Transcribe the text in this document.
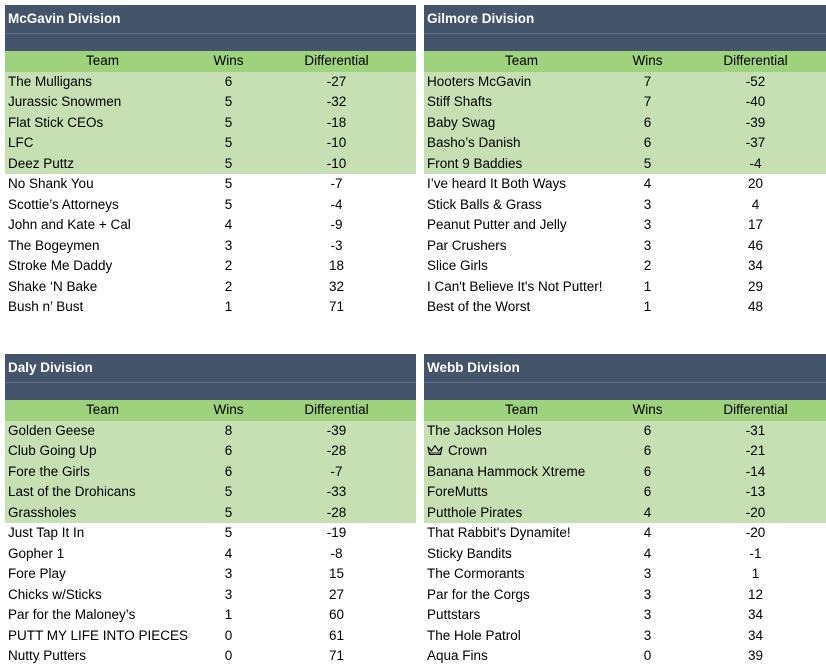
McGavin Division
Team	Wins	Differential
The Mulligans	6	-27
Jurassic Snowmen	5	-32
Flat Stick CEOs	5	-18
LFC	5	-10
Deez Puttz	5	-10
No Shank You	5	-7
Scottie’s Attorneys	5	-4
John and Kate + Cal	4	-9
The Bogeymen	3	-3
Stroke Me Daddy	2	18
Shake ‘N Bake	2	32
Bush n’ Bust	1	71
Gilmore Division
Team	Wins	Differential
Hooters McGavin	7	-52
Stiff Shafts	7	-40
Baby Swag	6	-39
Basho’s Danish	6	-37
Front 9 Baddies	5	-4
I’ve heard It Both Ways	4	20
Stick Balls & Grass	3	4
Peanut Putter and Jelly	3	17
Par Crushers	3	46
Slice Girls	2	34
I Can't Believe It's Not Putter!	1	29
Best of the Worst	1	48
Daly Division
Team	Wins	Differential
Golden Geese	8	-39
Club Going Up	6	-28
Fore the Girls	6	-7
Last of the Drohicans	5	-33
Grassholes	5	-28
Just Tap It In	5	-19
Gopher 1	4	-8
Fore Play	3	15
Chicks w/Sticks	3	27
Par for the Maloney’s	1	60
PUTT MY LIFE INTO PIECES	0	61
Nutty Putters	0	71
Webb Division
Team	Wins	Differential
The Jackson Holes	6	-31
Crown	6	-21
Banana Hammock Xtreme	6	-14
ForeMutts	6	-13
Putthole Pirates	4	-20
That Rabbit's Dynamite!	4	-20
Sticky Bandits	4	-1
The Cormorants	3	1
Par for the Corgs	3	12
Puttstars	3	34
The Hole Patrol	3	34
Aqua Fins	0	39
